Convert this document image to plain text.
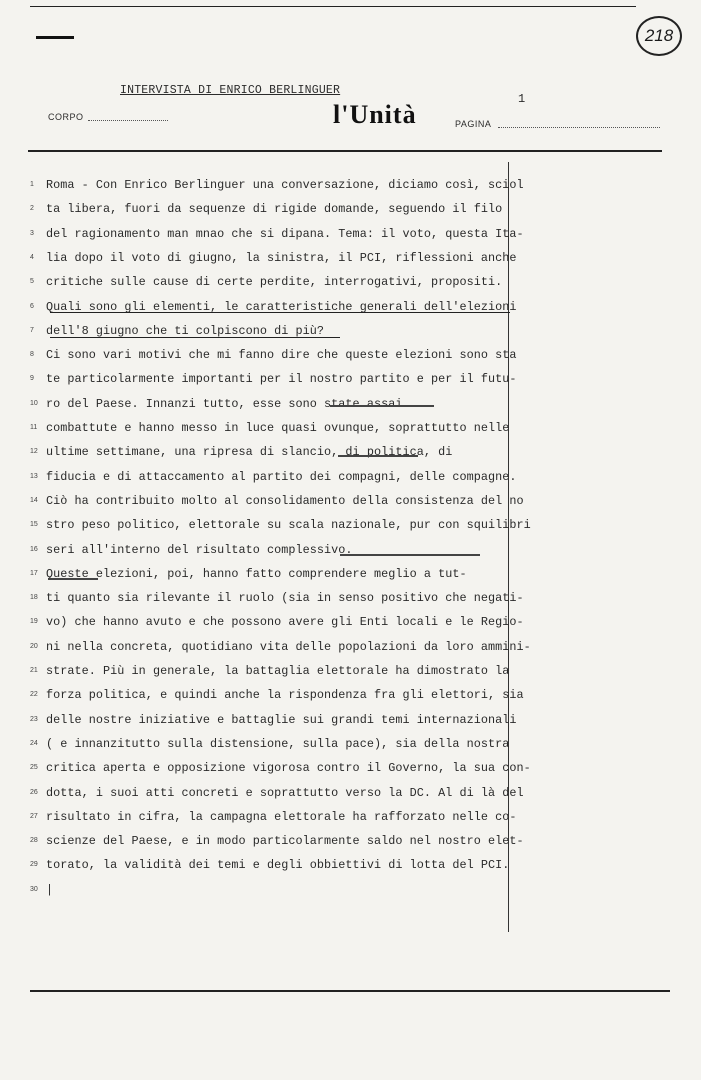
218
INTERVISTA DI ENRICO BERLINGUER
CORPO	l'Unità
1
PAGINA
1 Roma - Con Enrico Berlinguer una conversazione, diciamo così, sciol
2 ta libera, fuori da sequenze di rigide domande, seguendo il filo
3 del ragionamento man mnao che si dipana. Tema: il voto, questa Ita-
4 lia dopo il voto di giugno, la sinistra, il PCI, riflessioni anche
5 critiche sulle cause di certe perdite, interrogativi, propositi.
6 Quali sono gli elementi, le caratteristiche generali dell'elezioni
7 dell'8 giugno che ti colpiscono di più?
8 Ci sono vari motivi che mi fanno dire che queste elezioni sono sta
9 te particolarmente importanti per il nostro partito e per il futu-
10 ro del Paese. Innanzi tutto, esse sono state assai
11 combattute e hanno messo in luce quasi ovunque, soprattutto nelle
12 ultime settimane, una ripresa di slancio, di politica, di
13 fiducia e di attaccamento al partito dei compagni, delle compagne.
14 Ciò ha contribuito molto al consolidamento della consistenza del no
15 stro peso politico, elettorale su scala nazionale, pur con squilibri
16 seri all'interno del risultato complessivo.
17 Queste elezioni, poi, hanno fatto comprendere meglio a tut-
18 ti quanto sia rilevante il ruolo (sia in senso positivo che negati-
19 vo) che hanno avuto e che possono avere gli Enti locali e le Regio-
20 ni nella concreta, quotidiano vita delle popolazioni da loro ammini-
21 strate. Più in generale, la battaglia elettorale ha dimostrato la
22 forza politica, e quindi anche la rispondenza fra gli elettori, sia
23 delle nostre iniziative e battaglie sui grandi temi internazionali
24 ( e innanzitutto sulla distensione, sulla pace), sia della nostra
25 critica aperta e opposizione vigorosa contro il Governo, la sua con-
26 dotta, i suoi atti concreti e soprattutto verso la DC. Al di là del
27 risultato in cifra, la campagna elettorale ha rafforzato nelle co-
28 scienze del Paese, e in modo particolarmente saldo nel nostro elet-
29 torato, la validità dei temi e degli obbiettivi di lotta del PCI.
30 |
